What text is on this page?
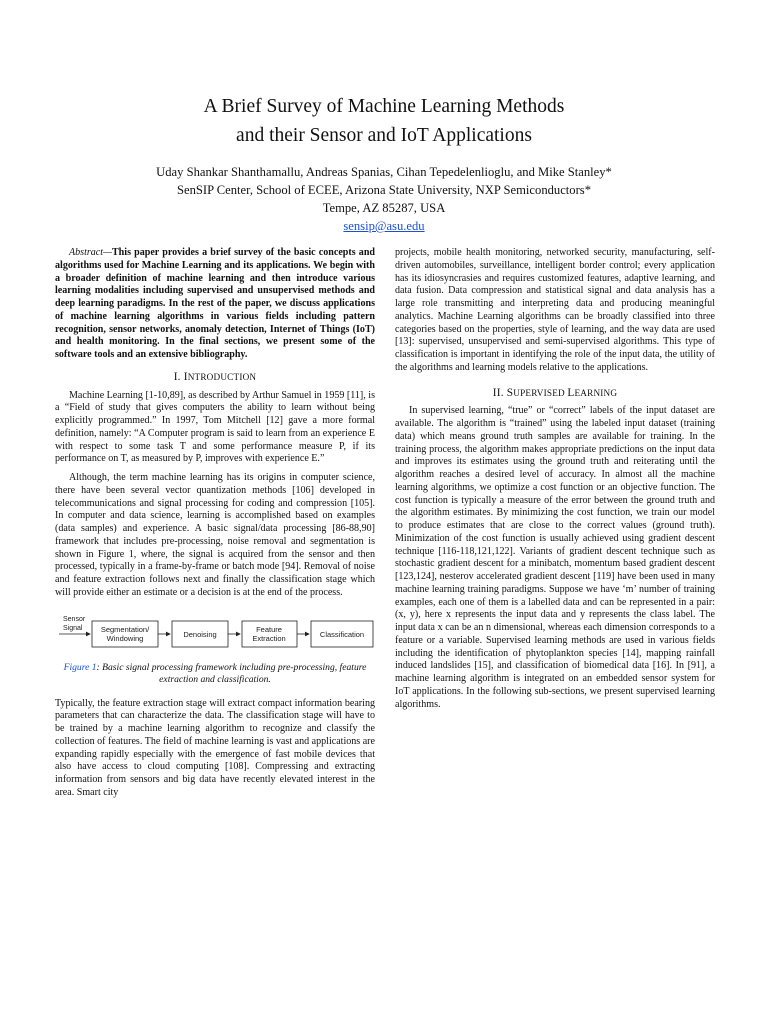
A Brief Survey of Machine Learning Methods
and their Sensor and IoT Applications
Uday Shankar Shanthamallu, Andreas Spanias, Cihan Tepedelenlioglu, and Mike Stanley*
SenSIP Center, School of ECEE, Arizona State University, NXP Semiconductors*
Tempe, AZ 85287, USA
sensip@asu.edu

Abstract—This paper provides a brief survey of the basic concepts and algorithms used for Machine Learning and its applications. We begin with a broader definition of machine learning and then introduce various learning modalities including supervised and unsupervised methods and deep learning paradigms. In the rest of the paper, we discuss applications of machine learning algorithms in various fields including pattern recognition, sensor networks, anomaly detection, Internet of Things (IoT) and health monitoring. In the final sections, we present some of the software tools and an extensive bibliography.

I. INTRODUCTION

Machine Learning [1-10,89], as described by Arthur Samuel in 1959 [11], is a “Field of study that gives computers the ability to learn without being explicitly programmed.” In 1997, Tom Mitchell [12] gave a more formal definition, namely: “A Computer program is said to learn from an experience E with respect to some task T and some performance measure P, if its performance on T, as measured by P, improves with experience E.”

Although, the term machine learning has its origins in computer science, there have been several vector quantization methods [106] developed in telecommunications and signal processing for coding and compression [105]. In computer and data science, learning is accomplished based on examples (data samples) and experience. A basic signal/data processing [86-88,90] framework that includes pre-processing, noise removal and segmentation is shown in Figure 1, where, the signal is acquired from the sensor and then processed, typically in a frame-by-frame or batch mode [94]. Removal of noise and feature extraction follows next and finally the classification stage which will provide either an estimate or a decision is at the end of the process.

Sensor
Signal Segmentation/
Windowing	Denoising
Feature
Extraction	Classification
Figure 1: Basic signal processing framework including pre-processing, feature extraction and classification.

Typically, the feature extraction stage will extract compact information bearing parameters that can characterize the data. The classification stage will have to be trained by a machine learning algorithm to recognize and classify the collection of features. The field of machine learning is vast and applications are expanding rapidly especially with the emergence of fast mobile devices that also have access to cloud computing [108]. Compressing and extracting information from sensors and big data have recently elevated interest in the area. Smart city

projects, mobile health monitoring, networked security, manufacturing, self-driven automobiles, surveillance, intelligent border control; every application has its idiosyncrasies and requires customized features, adaptive learning, and data fusion. Data compression and statistical signal and data analysis has a large role transmitting and interpreting data and producing meaningful analytics. Machine Learning algorithms can be broadly classified into three categories based on the properties, style of learning, and the way data are used [13]: supervised, unsupervised and semi-supervised algorithms. This type of classification is important in identifying the role of the input data, the utility of the algorithms and learning models relative to the applications.

II. SUPERVISED LEARNING

In supervised learning, “true” or “correct” labels of the input dataset are available. The algorithm is “trained” using the labeled input dataset (training data) which means ground truth samples are available for training. In the training process, the algorithm makes appropriate predictions on the input data and improves its estimates using the ground truth and reiterating until the algorithm reaches a desired level of accuracy. In almost all the machine learning algorithms, we optimize a cost function or an objective function. The cost function is typically a measure of the error between the ground truth and the algorithm estimates. By minimizing the cost function, we train our model to produce estimates that are close to the correct values (ground truth). Minimization of the cost function is usually achieved using gradient descent technique [116-118,121,122]. Variants of gradient descent technique such as stochastic gradient descent for a minibatch, momentum based gradient descent [123,124], nesterov accelerated gradient descent [119] have been used in many machine learning training paradigms. Suppose we have ‘m’ number of training examples, each one of them is a labelled data and can be represented in a pair: (x, y), here x represents the input data and y represents the class label. The input data x can be an n dimensional, whereas each dimension corresponds to a feature or a variable. Supervised learning methods are used in various fields including the identification of phytoplankton species [14], mapping rainfall induced landslides [15], and classification of biomedical data [16]. In [91], a machine learning algorithm is integrated on an embedded sensor system for IoT applications. In the following sub-sections, we present supervised learning algorithms.
